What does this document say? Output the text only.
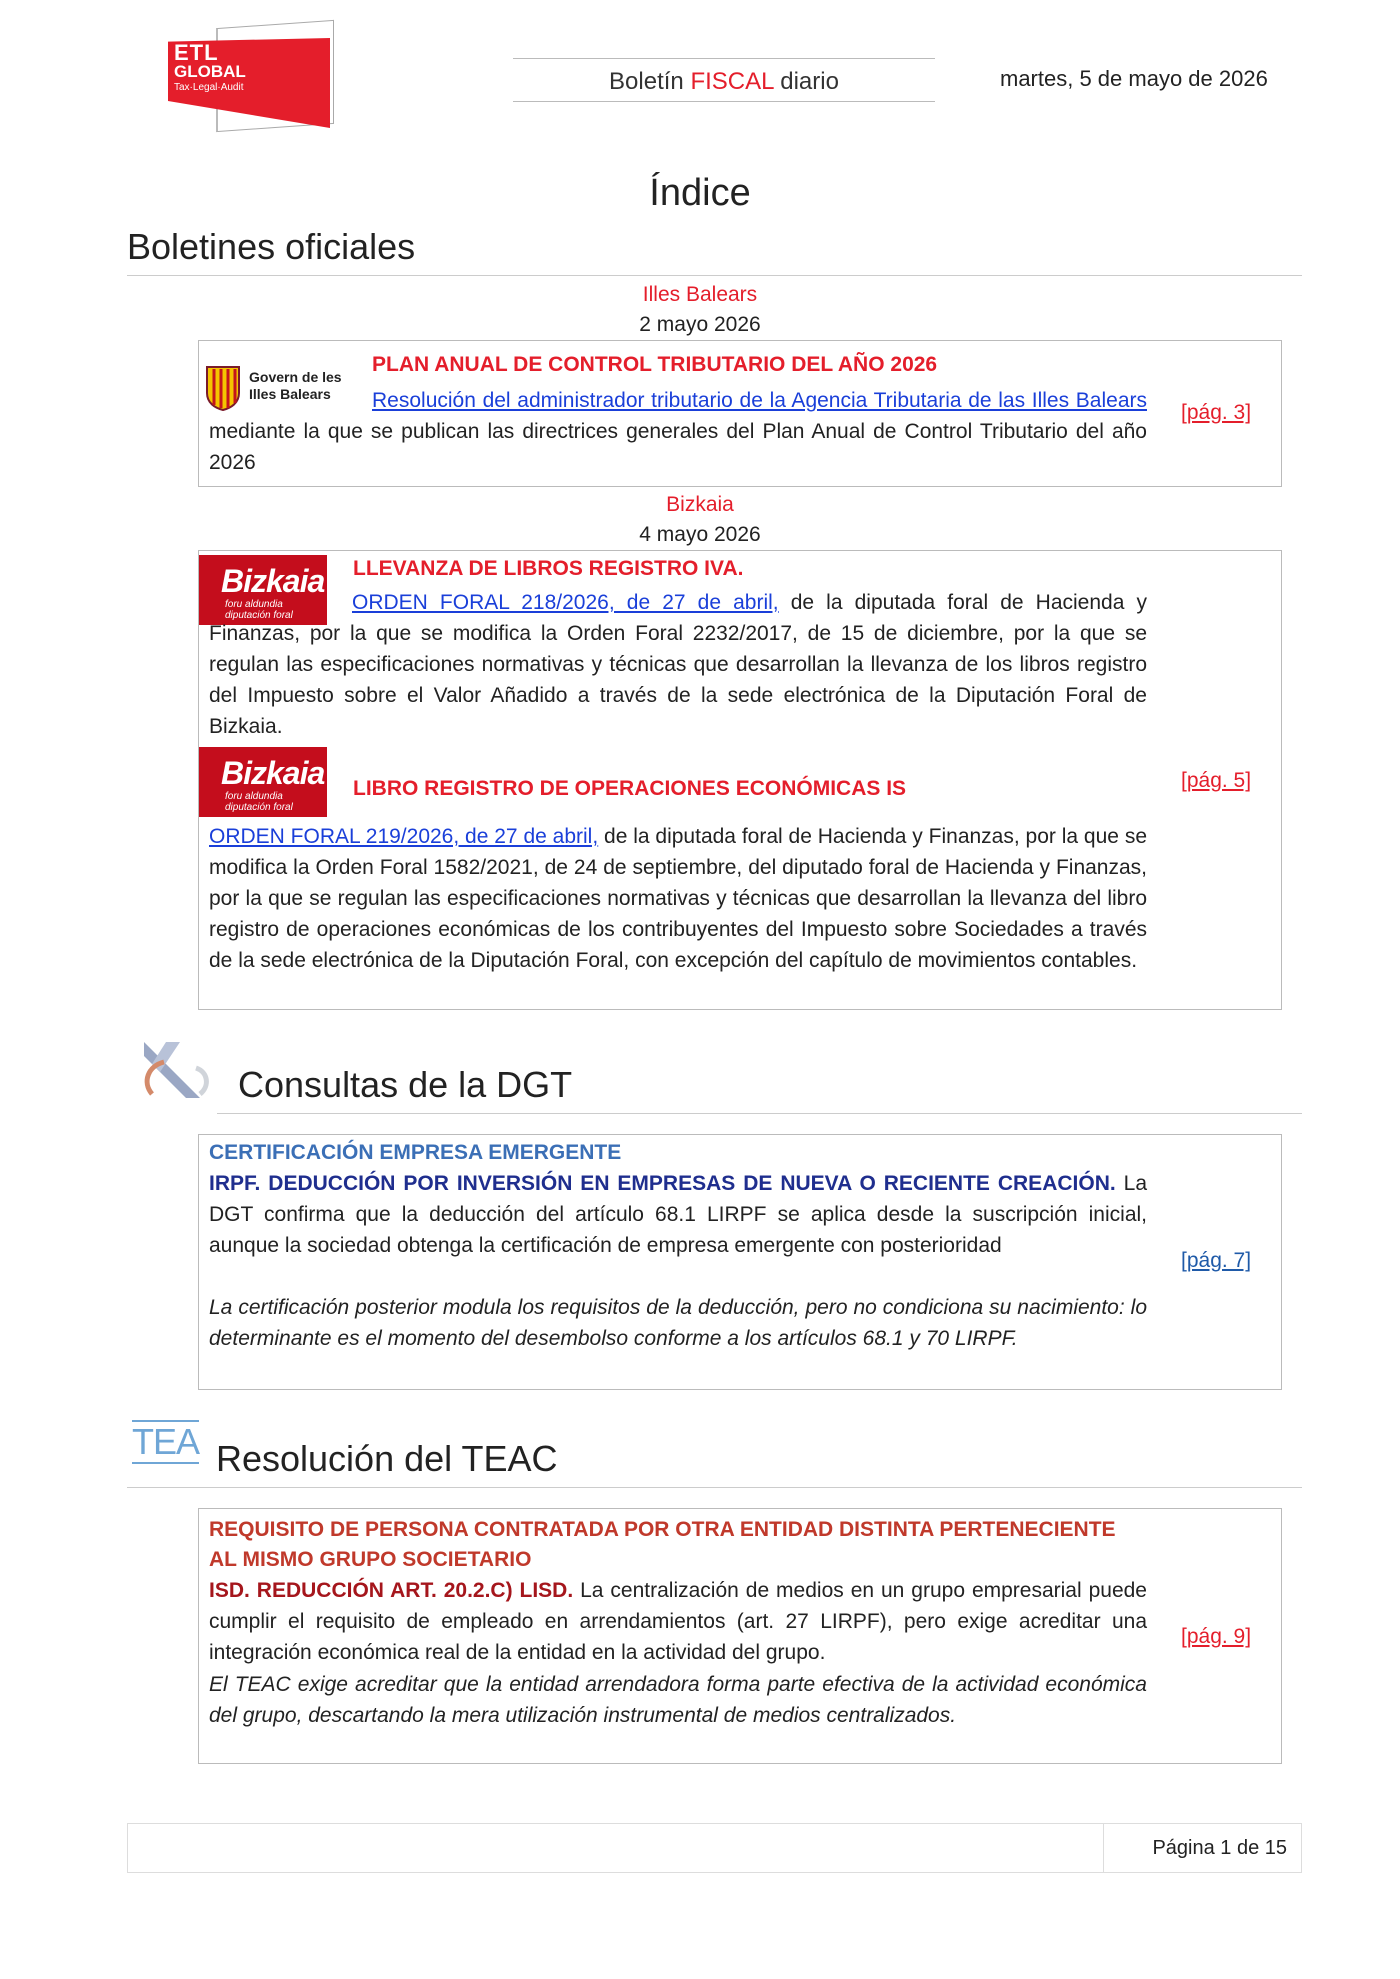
ETL
GLOBAL
Tax·Legal·Audit	Boletín FISCAL diario	martes, 5 de mayo de 2026
Índice
Boletines oficiales
Illes Balears
2 mayo 2026
Govern de les
Illes Balears
PLAN ANUAL DE CONTROL TRIBUTARIO DEL AÑO 2026
Resolución del administrador tributario de la Agencia Tributaria de las Illes Balears mediante la que se publican las directrices generales del Plan Anual de Control Tributario del año 2026
[pág. 3]
Bizkaia
4 mayo 2026
Bizkaia
foru aldundia
diputación foral
LLEVANZA DE LIBROS REGISTRO IVA.
ORDEN FORAL 218/2026, de 27 de abril, de la diputada foral de Hacienda y Finanzas, por la que se modifica la Orden Foral 2232/2017, de 15 de diciembre, por la que se regulan las especificaciones normativas y técnicas que desarrollan la llevanza de los libros registro del Impuesto sobre el Valor Añadido a través de la sede electrónica de la Diputación Foral de Bizkaia.
Bizkaia
foru aldundia
diputación foral
LIBRO REGISTRO DE OPERACIONES ECONÓMICAS IS
ORDEN FORAL 219/2026, de 27 de abril, de la diputada foral de Hacienda y Finanzas, por la que se modifica la Orden Foral 1582/2021, de 24 de septiembre, del diputado foral de Hacienda y Finanzas, por la que se regulan las especificaciones normativas y técnicas que desarrollan la llevanza del libro registro de operaciones económicas de los contribuyentes del Impuesto sobre Sociedades a través de la sede electrónica de la Diputación Foral, con excepción del capítulo de movimientos contables.
[pág. 5]
Consultas de la DGT
CERTIFICACIÓN EMPRESA EMERGENTE
IRPF. DEDUCCIÓN POR INVERSIÓN EN EMPRESAS DE NUEVA O RECIENTE CREACIÓN. La DGT confirma que la deducción del artículo 68.1 LIRPF se aplica desde la suscripción inicial, aunque la sociedad obtenga la certificación de empresa emergente con posterioridad
La certificación posterior modula los requisitos de la deducción, pero no condiciona su nacimiento: lo determinante es el momento del desembolso conforme a los artículos 68.1 y 70 LIRPF.
[pág. 7]
TEA Resolución del TEAC
REQUISITO DE PERSONA CONTRATADA POR OTRA ENTIDAD DISTINTA PERTENECIENTE AL MISMO GRUPO SOCIETARIO
ISD. REDUCCIÓN ART. 20.2.C) LISD. La centralización de medios en un grupo empresarial puede cumplir el requisito de empleado en arrendamientos (art. 27 LIRPF), pero exige acreditar una integración económica real de la entidad en la actividad del grupo.
El TEAC exige acreditar que la entidad arrendadora forma parte efectiva de la actividad económica del grupo, descartando la mera utilización instrumental de medios centralizados.
[pág. 9]
Página 1 de 15
